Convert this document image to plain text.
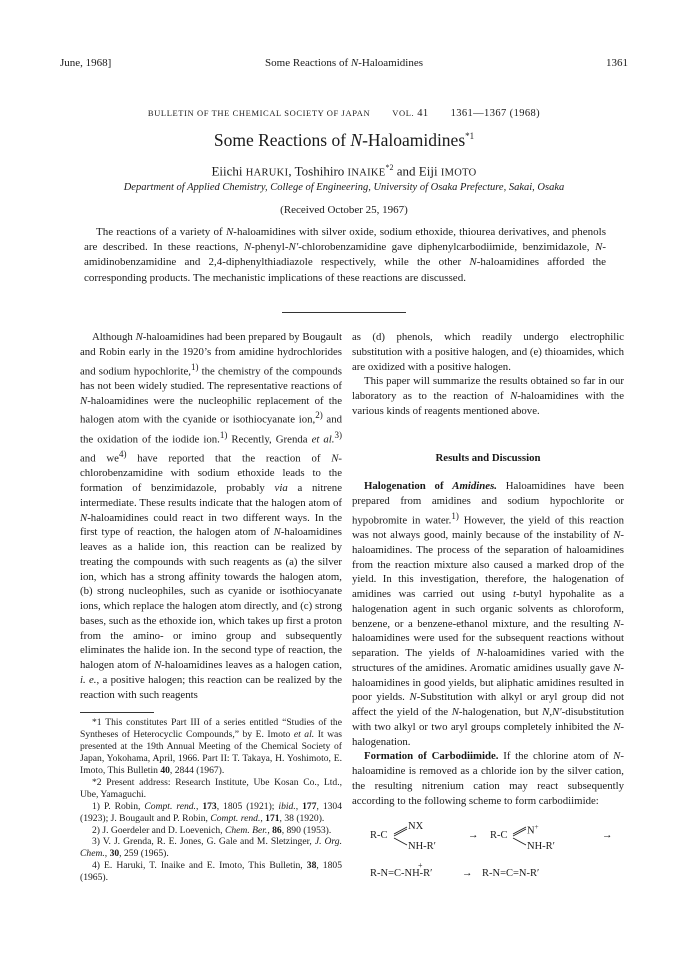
June, 1968]	Some Reactions of N-Haloamidines	1361
BULLETIN OF THE CHEMICAL SOCIETY OF JAPAN	VOL. 41 1361—1367 (1968)
Some Reactions of N-Haloamidines$^{*1}$
Eiichi HARUKI, Toshihiro INAIKE$^{*2}$ and Eiji IMOTO
Department of Applied Chemistry, College of Engineering, University of Osaka Prefecture, Sakai, Osaka
(Received October 25, 1967)
The reactions of a variety of N-haloamidines with silver oxide, sodium ethoxide, thiourea derivatives, and phenols are described. In these reactions, N-phenyl-N′-chlorobenzamidine gave diphenylcarbodiimide, benzimidazole, N-amidinobenzamidine and 2,4-diphenylthiadiazole respectively, while the other N-haloamidines afforded the corresponding products. The mechanistic implications of these reactions are discussed.

Although N-haloamidines had been prepared by Bougault and Robin early in the 1920’s from amidine hydrochlorides and sodium hypochlorite,$^{1)}$ the chemistry of the compounds has not been widely studied. The representative reactions of N-haloamidines were the nucleophilic replacement of the halogen atom with the cyanide or isothiocyanate ion,$^{2)}$ and the oxidation of the iodide ion.$^{1)}$ Recently, Grenda et al.$^{3)}$ and $we^{4)}$ have reported that the reaction of N-chlorobenzamidine with sodium ethoxide leads to the formation of benzimidazole, probably via a nitrene intermediate. These results indicate that the halogen atom of N-haloamidines could react in two different ways. In the first type of reaction, the halogen atom of N-haloamidines leaves as a halide ion, this reaction can be realized by treating the compounds with such reagents as (a) the silver ion, which has a strong affinity towards the halogen atom, (b) strong nucleophiles, such as cyanide or isothiocyanate ions, which replace the halogen atom directly, and (c) strong bases, such as the ethoxide ion, which takes up first a proton from the amino- or imino group and subsequently eliminates the halide ion. In the second type of reaction, the halogen atom of N-haloamidines leaves as a halogen cation, i. e., a positive halogen; this reaction can be realized by the reaction with such reagents

*1 This constitutes Part III of a series entitled “Studies of the Syntheses of Heterocyclic Compounds,” by E. Imoto et al. It was presented at the 19th Annual Meeting of the Chemical Society of Japan, Yokohama, April, 1966. Part II: T. Takaya, H. Yoshimoto, E. Imoto, This Bulletin 40, 2844 (1967).

*2 Present address: Research Institute, Ube Kosan Co., Ltd., Ube, Yamaguchi.

1) P. Robin, Compt. rend., 173, 1805 (1921); ibid., 177, 1304 (1923); J. Bougault and P. Robin, Compt. rend., 171, 38 (1920).

2) J. Goerdeler and D. Loevenich, Chem. Ber., 86, 890 (1953).

3) V. J. Grenda, R. E. Jones, G. Gale and M. Sletzinger, J. Org. Chem., 30, 259 (1965).

4) E. Haruki, T. Inaike and E. Imoto, This Bulletin, 38, 1805 (1965).

as (d) phenols, which readily undergo electrophilic substitution with a positive halogen, and (e) thioamides, which are oxidized with a positive halogen.

This paper will summarize the results obtained so far in our laboratory as to the reaction of N-haloamidines with the various kinds of reagents mentioned above.

Results and Discussion

Halogenation of Amidines. Haloamidines have been prepared from amidines and sodium hypochlorite or hypobromite in water.$^{1)}$ However, the yield of this reaction was not always good, mainly because of the instability of N-haloamidines. The process of the separation of haloamidines from the reaction mixture also caused a marked drop of the yield. In this investigation, therefore, the halogenation of amidines was carried out using t-butyl hypohalite as a halogenation agent in such organic solvents as chloroform, benzene, or a benzene-ethanol mixture, and the resulting N-haloamidines were used for the subsequent reactions without separation. The yields of N-haloamidines varied with the structures of the amidines. Aromatic amidines usually gave N-haloamidines in good yields, but aliphatic amidines resulted in poor yields. N-Substitution with alkyl or aryl group did not affect the yield of the N-halogenation, but N,N′-disubstitution with two alkyl or two aryl groups completely inhibited the N-halogenation.

Formation of Carbodiimide. If the chlorine atom of N-haloamidine is removed as a chloride ion by the silver cation, the resulting nitrenium cation may react subsequently according to the following scheme to form carbodiimide:

R-C
NX
NH-R′
→ R-C N+
NH-R′
→
+
R-N=C-NH-R′	→ R-N=C=N-R′
